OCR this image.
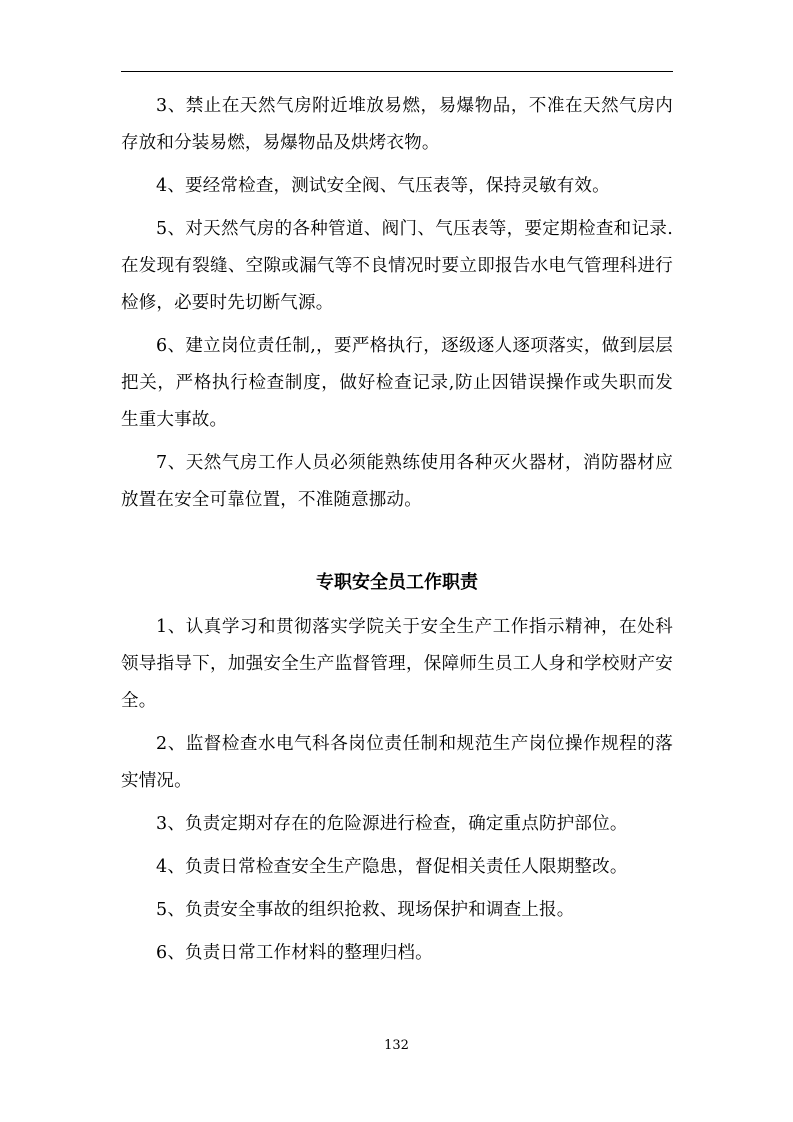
3、禁止在天然气房附近堆放易燃，易爆物品，不准在天然气房内存放和分装易燃，易爆物品及烘烤衣物。

4、要经常检查，测试安全阀、气压表等，保持灵敏有效。

5、对天然气房的各种管道、阀门、气压表等，要定期检查和记录.在发现有裂缝、空隙或漏气等不良情况时要立即报告水电气管理科进行检修，必要时先切断气源。

6、建立岗位责任制,，要严格执行，逐级逐人逐项落实，做到层层把关，严格执行检查制度，做好检查记录,防止因错误操作或失职而发生重大事故。

7、天然气房工作人员必须能熟练使用各种灭火器材，消防器材应放置在安全可靠位置，不准随意挪动。

专职安全员工作职责

1、认真学习和贯彻落实学院关于安全生产工作指示精神，在处科领导指导下，加强安全生产监督管理，保障师生员工人身和学校财产安全。

2、监督检查水电气科各岗位责任制和规范生产岗位操作规程的落实情况。

3、负责定期对存在的危险源进行检查，确定重点防护部位。

4、负责日常检查安全生产隐患，督促相关责任人限期整改。

5、负责安全事故的组织抢救、现场保护和调查上报。

6、负责日常工作材料的整理归档。

132
